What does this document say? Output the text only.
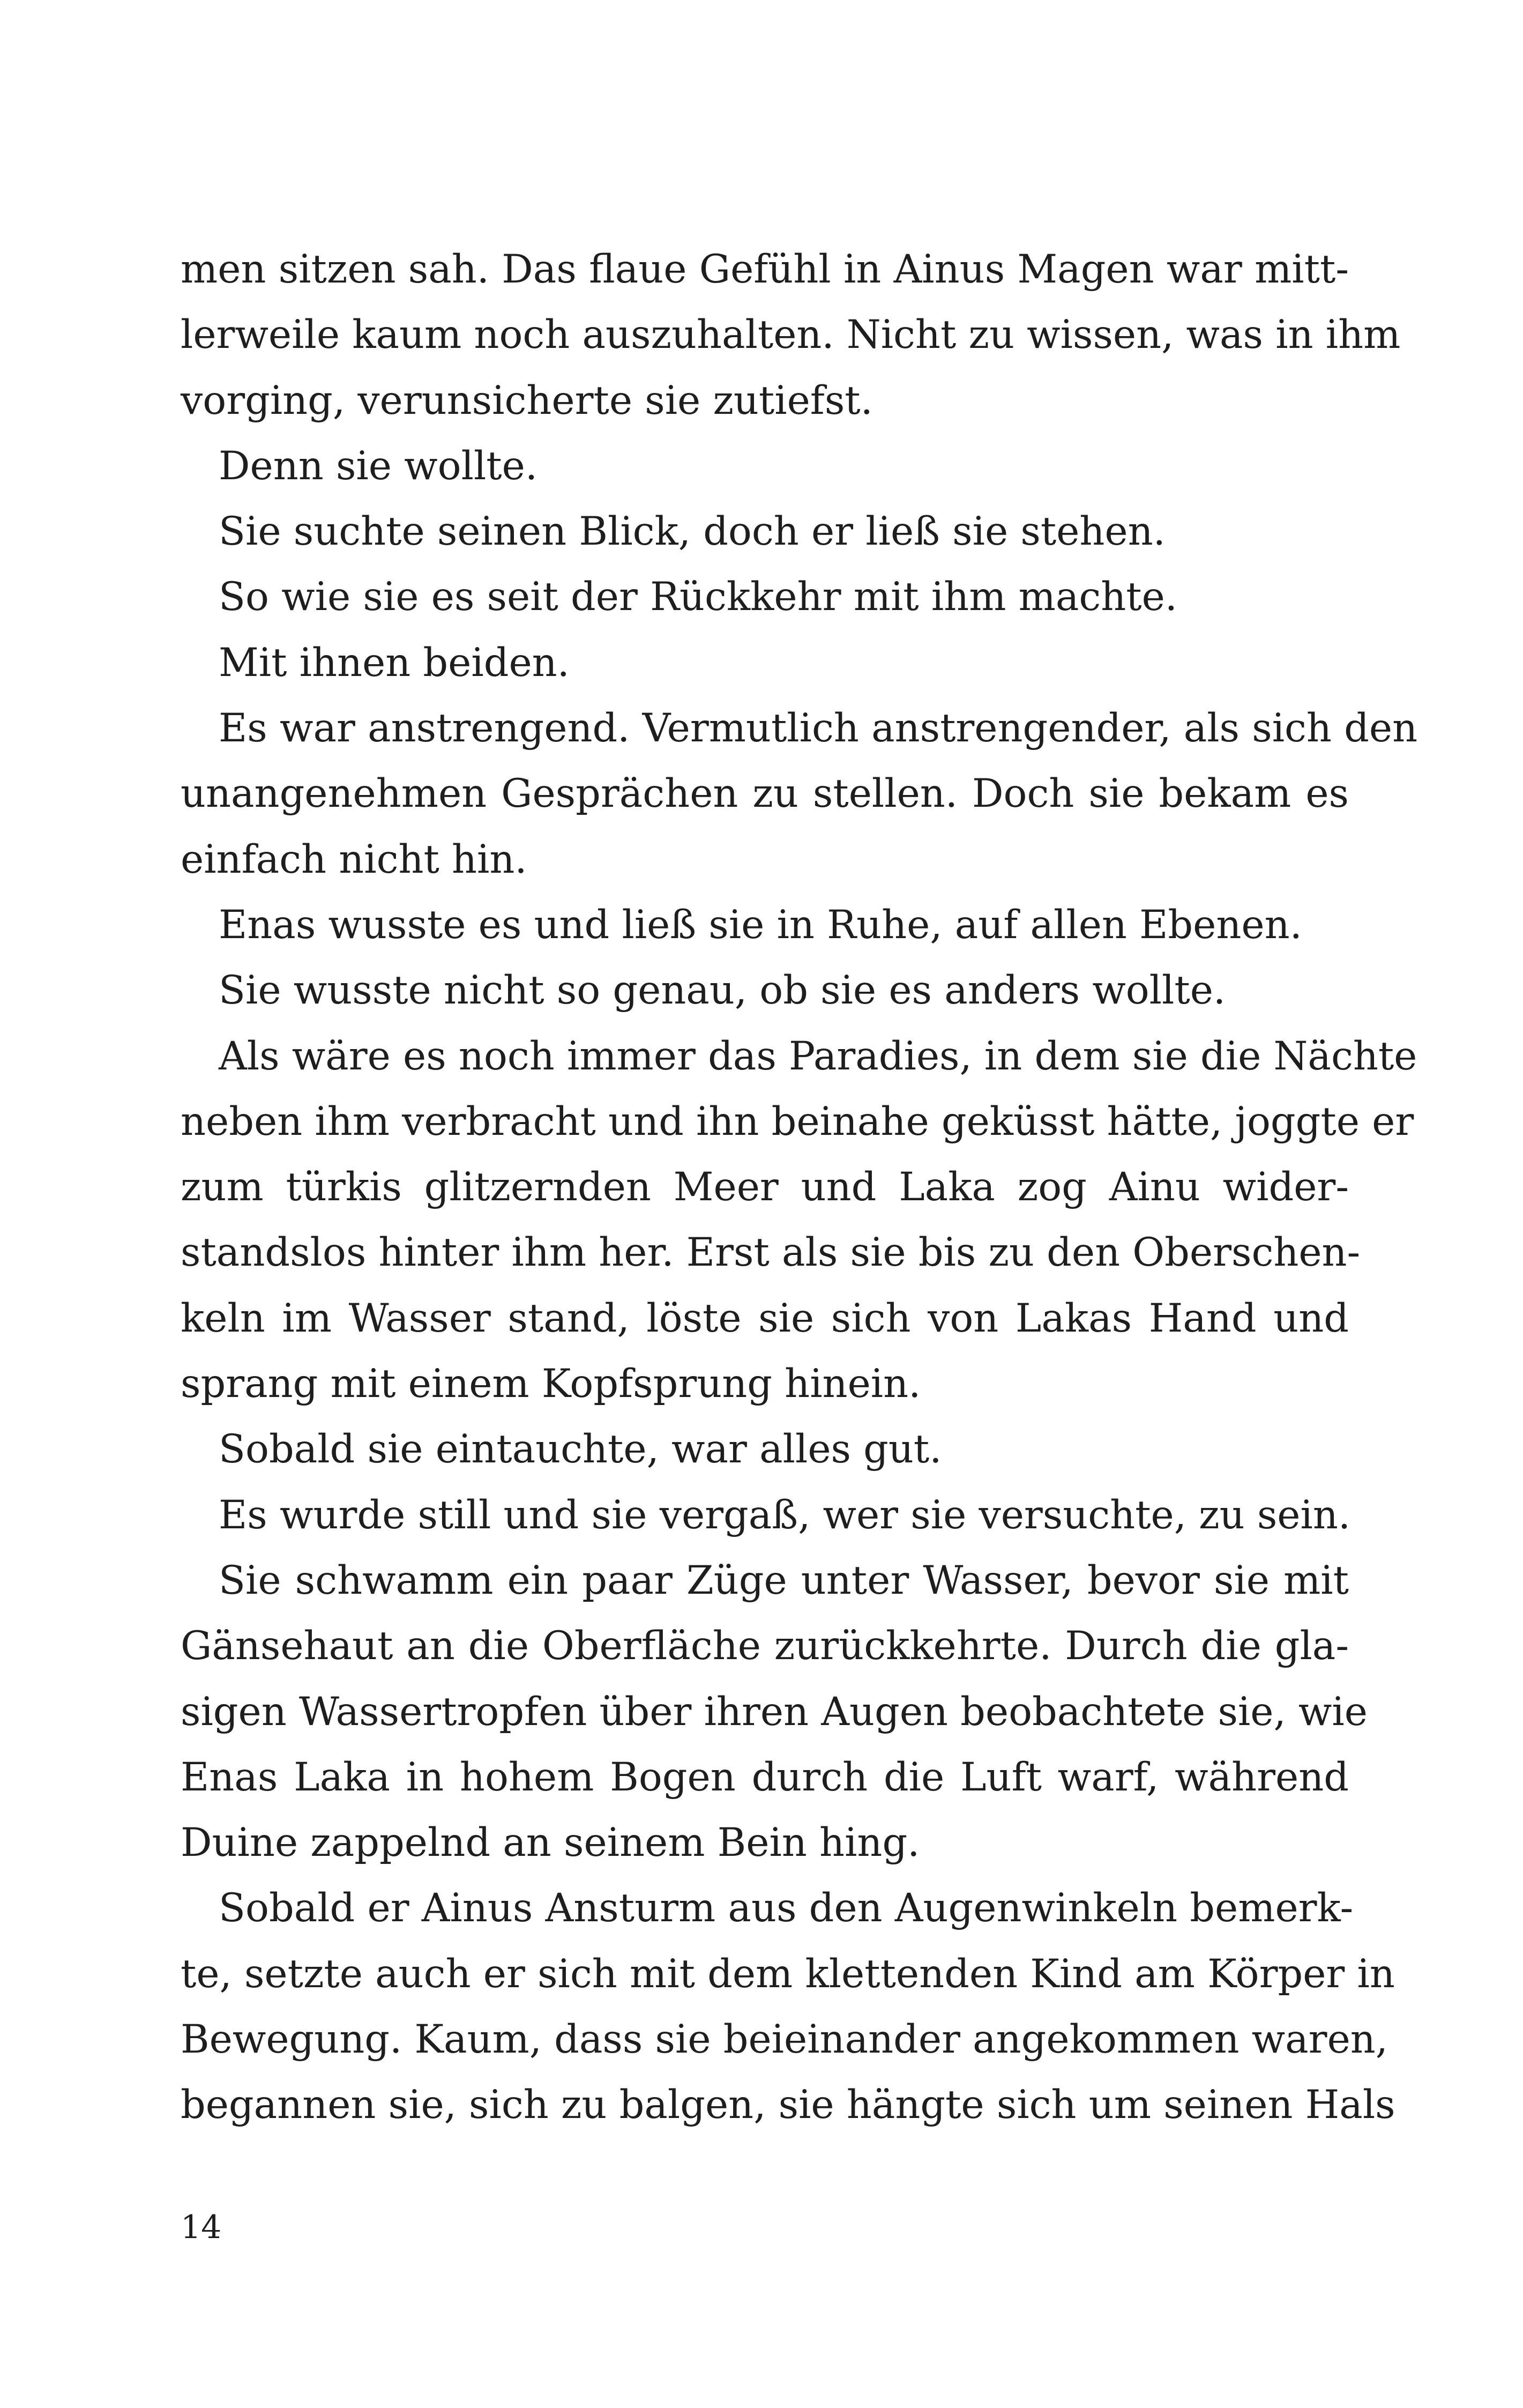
men sitzen sah. Das flaue Gefühl in Ainus Magen war mitt-
lerweile kaum noch auszuhalten. Nicht zu wissen, was in ihm
vorging, verunsicherte sie zutiefst.
Denn sie wollte.
Sie suchte seinen Blick, doch er ließ sie stehen.
So wie sie es seit der Rückkehr mit ihm machte.
Mit ihnen beiden.
Es war anstrengend. Vermutlich anstrengender, als sich den
unangenehmen Gesprächen zu stellen. Doch sie bekam es
einfach nicht hin.
Enas wusste es und ließ sie in Ruhe, auf allen Ebenen.
Sie wusste nicht so genau, ob sie es anders wollte.
Als wäre es noch immer das Paradies, in dem sie die Nächte
neben ihm verbracht und ihn beinahe geküsst hätte, joggte er
zum türkis glitzernden Meer und Laka zog Ainu wider-
standslos hinter ihm her. Erst als sie bis zu den Oberschen-
keln im Wasser stand, löste sie sich von Lakas Hand und
sprang mit einem Kopfsprung hinein.
Sobald sie eintauchte, war alles gut.
Es wurde still und sie vergaß, wer sie versuchte, zu sein.
Sie schwamm ein paar Züge unter Wasser, bevor sie mit
Gänsehaut an die Oberfläche zurückkehrte. Durch die gla-
sigen Wassertropfen über ihren Augen beobachtete sie, wie
Enas Laka in hohem Bogen durch die Luft warf, während
Duine zappelnd an seinem Bein hing.
Sobald er Ainus Ansturm aus den Augenwinkeln bemerk-
te, setzte auch er sich mit dem klettenden Kind am Körper in
Bewegung. Kaum, dass sie beieinander angekommen waren,
begannen sie, sich zu balgen, sie hängte sich um seinen Hals
14
